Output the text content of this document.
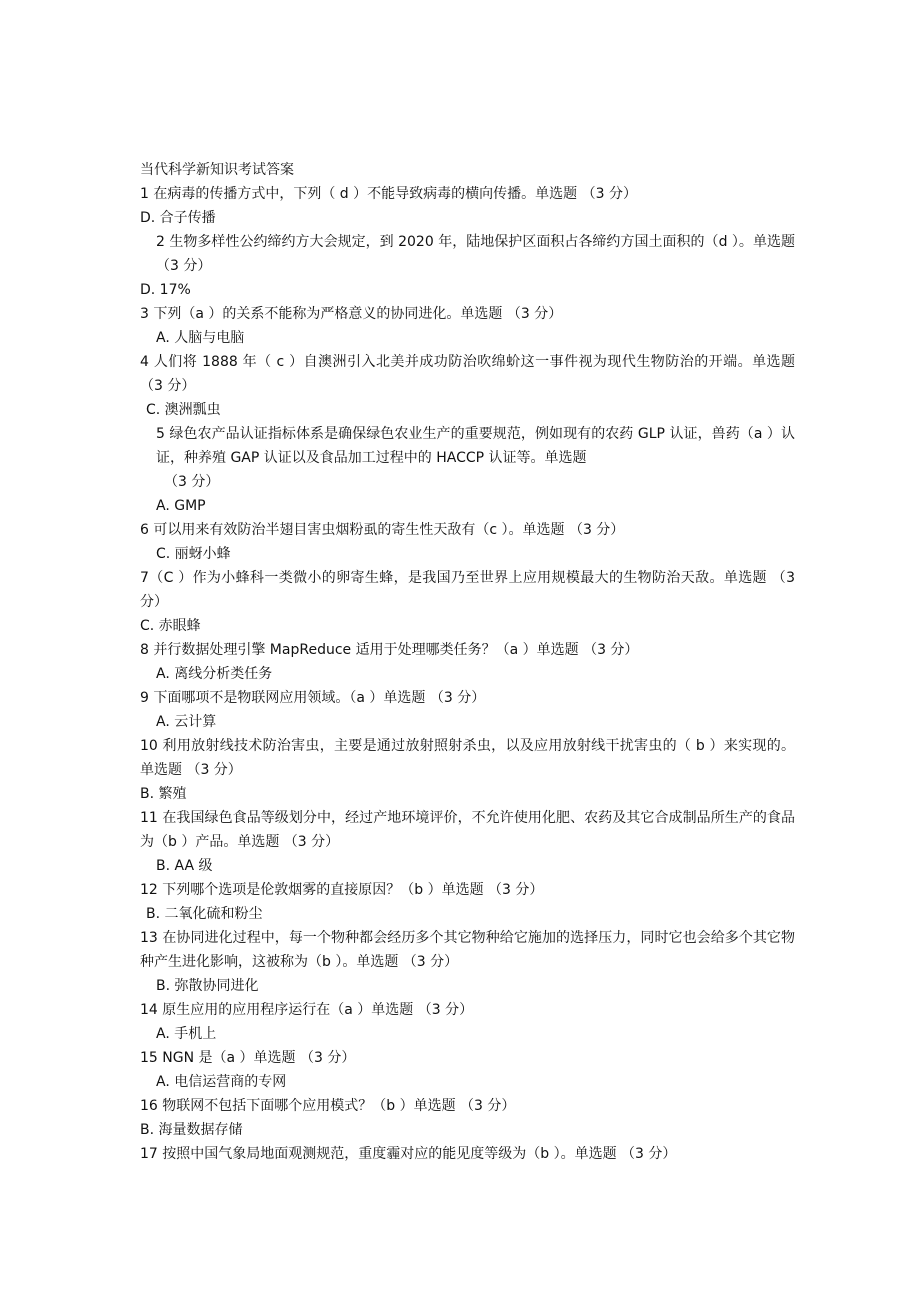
当代科学新知识考试答案
1 在病毒的传播方式中，下列（ d ）不能导致病毒的横向传播。单选题 （3 分）
D. 合子传播
2 生物多样性公约缔约方大会规定，到 2020 年，陆地保护区面积占各缔约方国土面积的（d ）。单选题 （3 分）
D. 17%
3 下列（a ）的关系不能称为严格意义的协同进化。单选题 （3 分）
A. 人脑与电脑
4 人们将 1888 年（ c ）自澳洲引入北美并成功防治吹绵蚧这一事件视为现代生物防治的开端。单选题 （3 分）
C. 澳洲瓢虫
5 绿色农产品认证指标体系是确保绿色农业生产的重要规范，例如现有的农药 GLP 认证，兽药（a ）认证，种养殖 GAP 认证以及食品加工过程中的 HACCP 认证等。单选题
（3 分）
A. GMP
6 可以用来有效防治半翅目害虫烟粉虱的寄生性天敌有（c ）。单选题 （3 分）
C. 丽蚜小蜂
7（C ）作为小蜂科一类微小的卵寄生蜂，是我国乃至世界上应用规模最大的生物防治天敌。单选题 （3 分）
C. 赤眼蜂
8 并行数据处理引擎 MapReduce 适用于处理哪类任务？（a ）单选题 （3 分）
A. 离线分析类任务
9 下面哪项不是物联网应用领域。（a ）单选题 （3 分）
A. 云计算
10 利用放射线技术防治害虫，主要是通过放射照射杀虫，以及应用放射线干扰害虫的（ b ）来实现的。单选题 （3 分）
B. 繁殖
11 在我国绿色食品等级划分中，经过产地环境评价，不允许使用化肥、农药及其它合成制品所生产的食品为（b ）产品。单选题 （3 分）
B. AA 级
12 下列哪个选项是伦敦烟雾的直接原因？（b ）单选题 （3 分）
B. 二氧化硫和粉尘
13 在协同进化过程中，每一个物种都会经历多个其它物种给它施加的选择压力，同时它也会给多个其它物种产生进化影响，这被称为（b ）。单选题 （3 分）
B. 弥散协同进化
14 原生应用的应用程序运行在（a ）单选题 （3 分）
A. 手机上
15 NGN 是（a ）单选题 （3 分）
A. 电信运营商的专网
16 物联网不包括下面哪个应用模式？（b ）单选题 （3 分）
B. 海量数据存储
17 按照中国气象局地面观测规范，重度霾对应的能见度等级为（b ）。单选题 （3 分）
